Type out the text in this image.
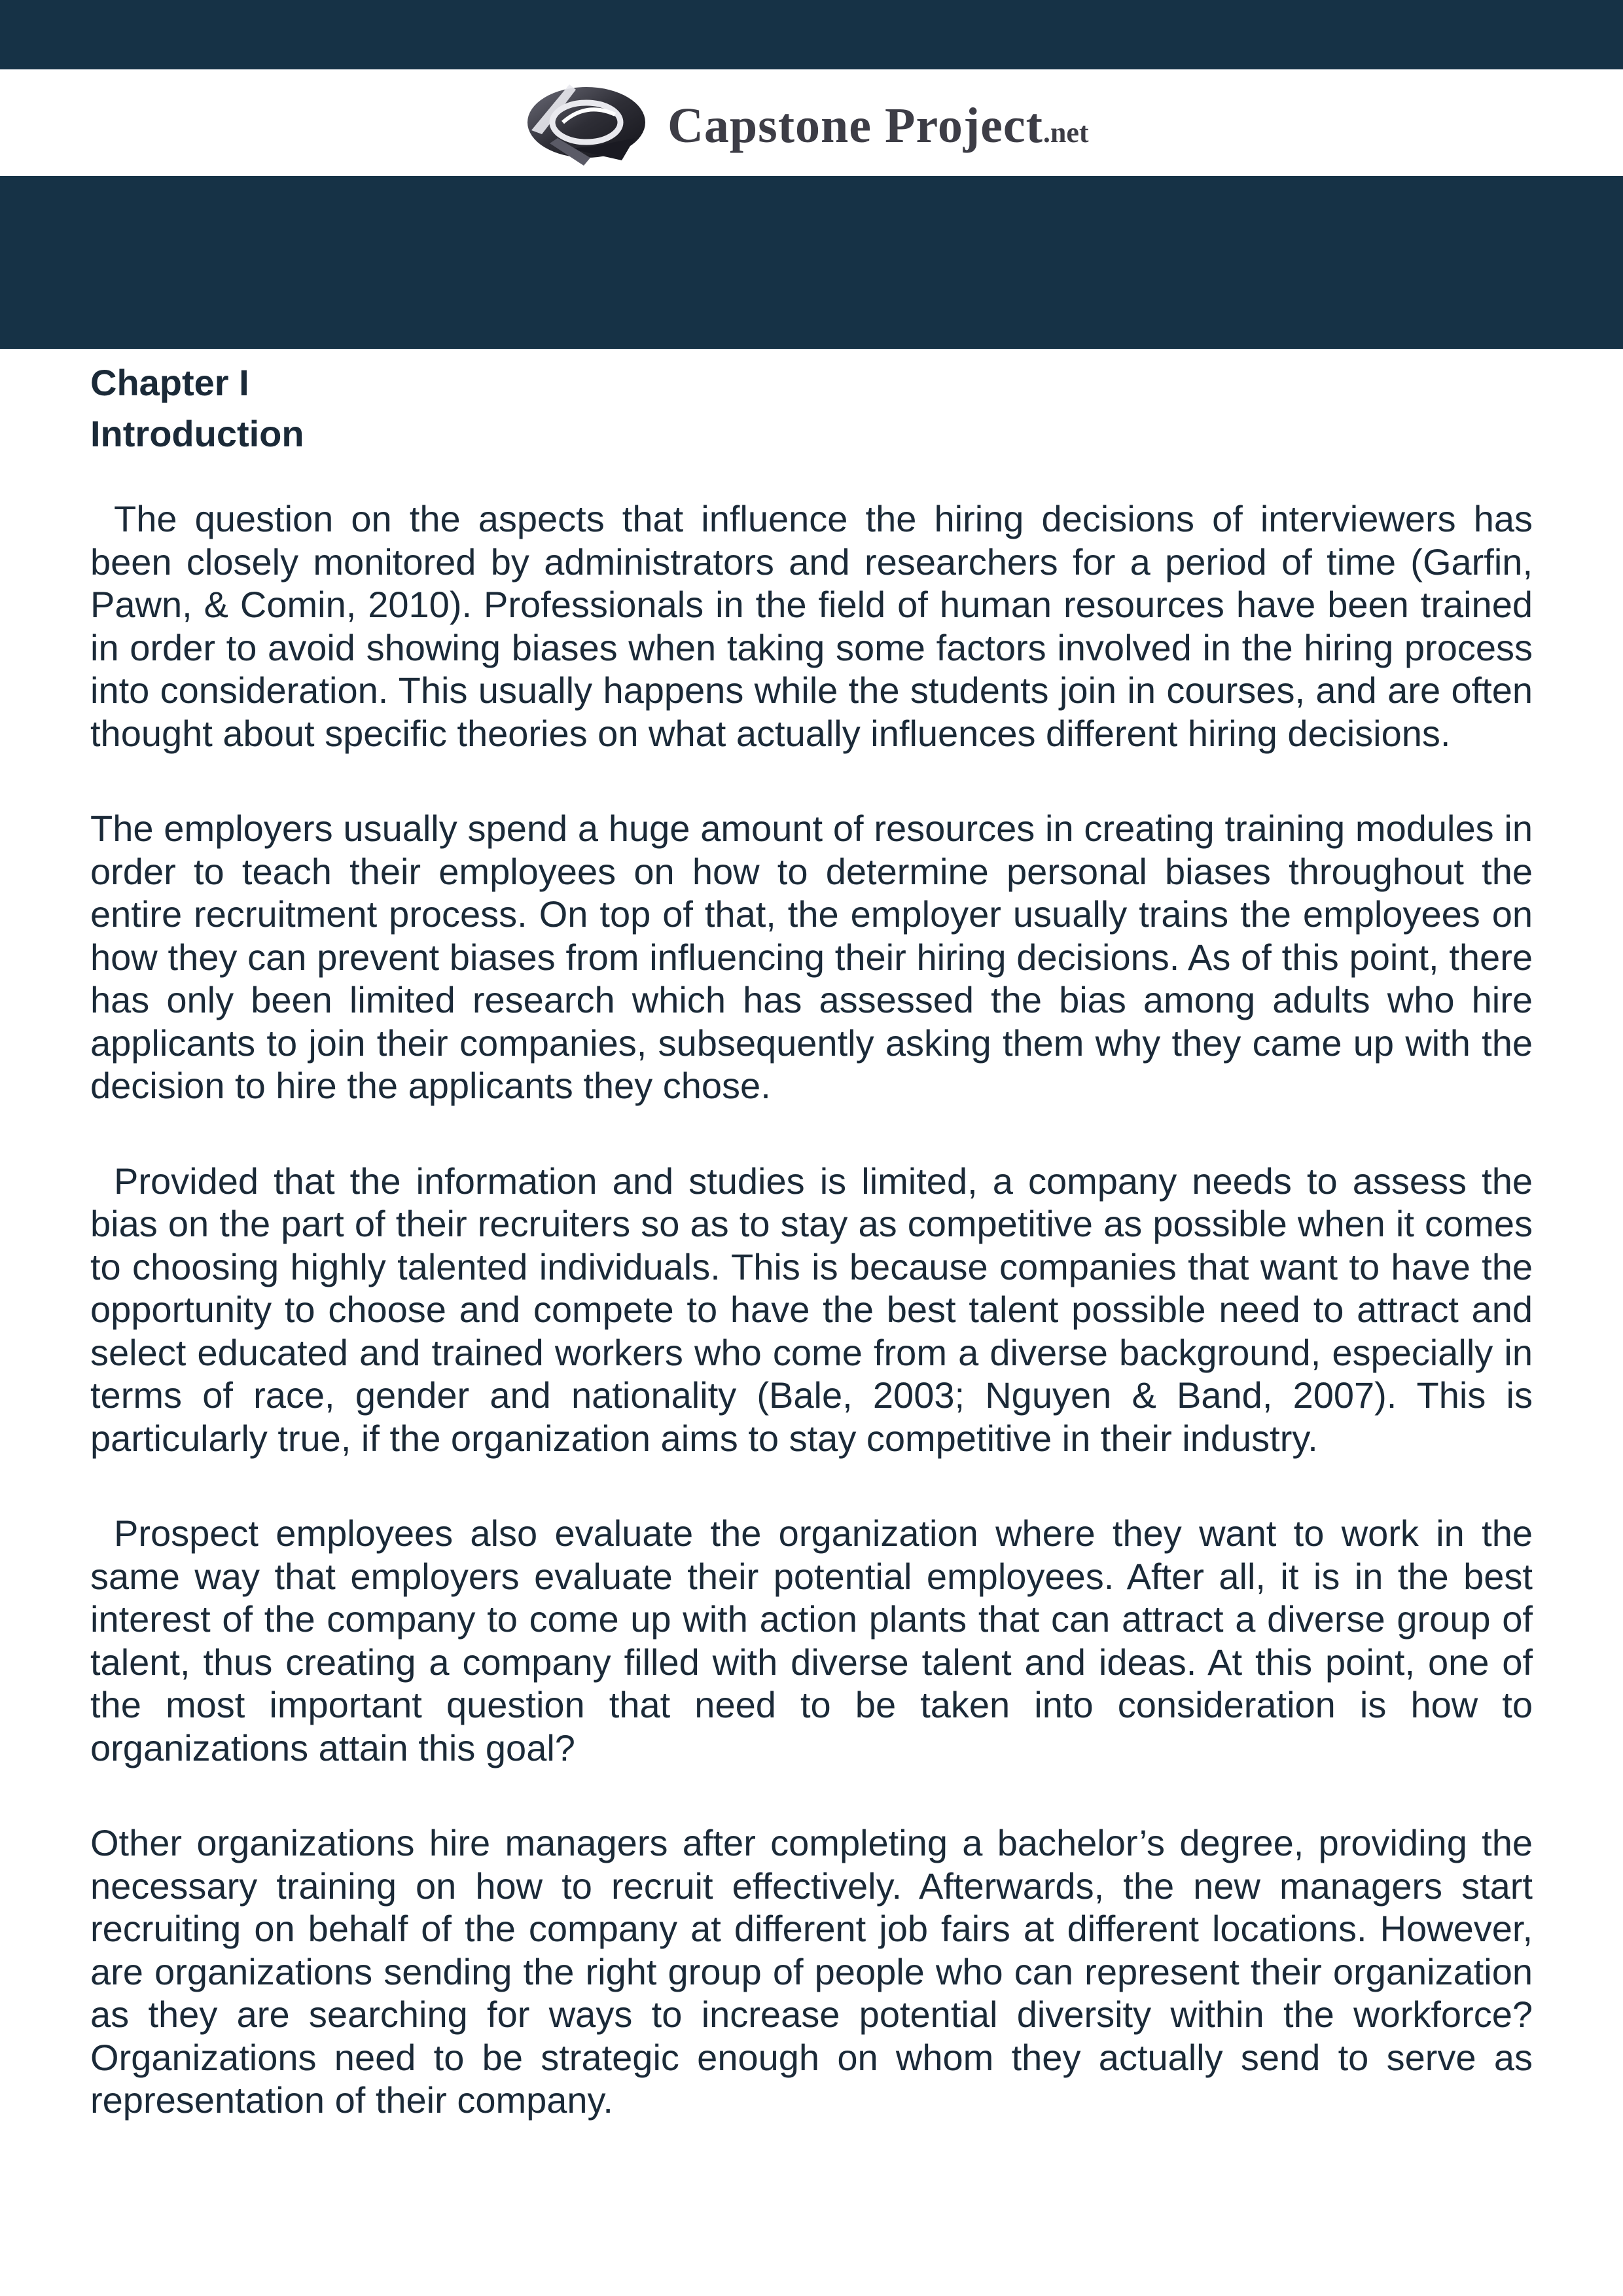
Capstone Project.net

Chapter I

Introduction

The question on the aspects that influence the hiring decisions of interviewers has been closely monitored by administrators and researchers for a period of time (Garfin, Pawn, & Comin, 2010). Professionals in the field of human resources have been trained in order to avoid showing biases when taking some factors involved in the hiring process into consideration. This usually happens while the students join in courses, and are often thought about specific theories on what actually influences different hiring decisions.

The employers usually spend a huge amount of resources in creating training modules in order to teach their employees on how to determine personal biases throughout the entire recruitment process. On top of that, the employer usually trains the employees on how they can prevent biases from influencing their hiring decisions. As of this point, there has only been limited research which has assessed the bias among adults who hire applicants to join their companies, subsequently asking them why they came up with the decision to hire the applicants they chose.

Provided that the information and studies is limited, a company needs to assess the bias on the part of their recruiters so as to stay as competitive as possible when it comes to choosing highly talented individuals. This is because companies that want to have the opportunity to choose and compete to have the best talent possible need to attract and select educated and trained workers who come from a diverse background, especially in terms of race, gender and nationality (Bale, 2003; Nguyen & Band, 2007). This is particularly true, if the organization aims to stay competitive in their industry.

Prospect employees also evaluate the organization where they want to work in the same way that employers evaluate their potential employees. After all, it is in the best interest of the company to come up with action plants that can attract a diverse group of talent, thus creating a company filled with diverse talent and ideas. At this point, one of the most important question that need to be taken into consideration is how to organizations attain this goal?

Other organizations hire managers after completing a bachelor’s degree, providing the necessary training on how to recruit effectively. Afterwards, the new managers start recruiting on behalf of the company at different job fairs at different locations. However, are organizations sending the right group of people who can represent their organization as they are searching for ways to increase potential diversity within the workforce? Organizations need to be strategic enough on whom they actually send to serve as representation of their company.
